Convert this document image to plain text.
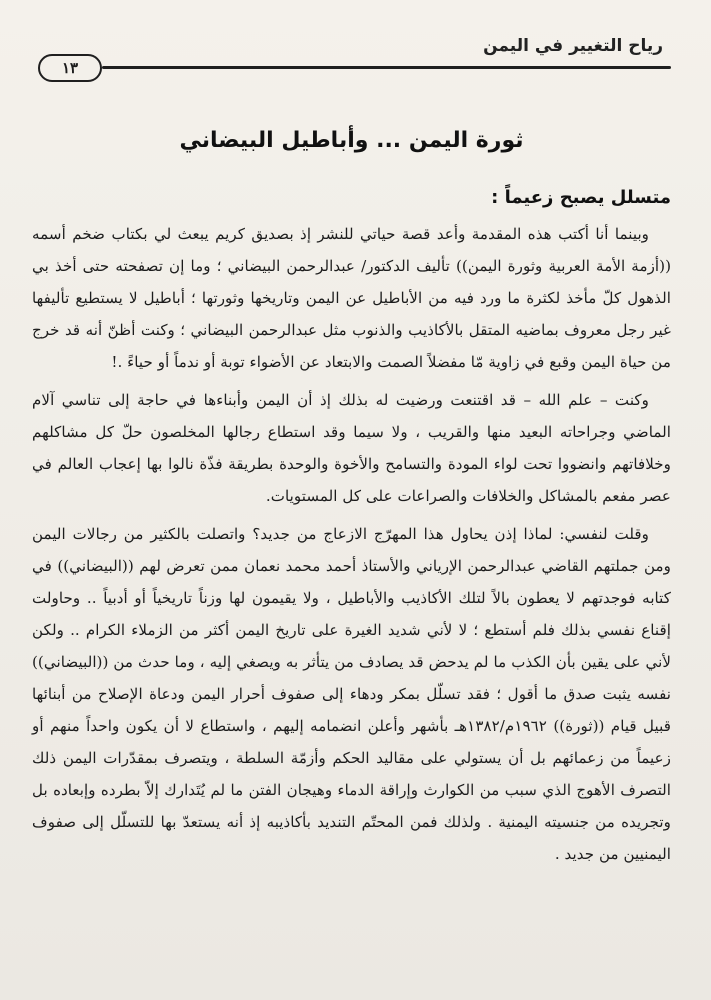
رياح التغيير في اليمن
١٣
ثورة اليمن ... وأباطيل البيضاني
متسلل يصبح زعيماً :

وبينما أنا أكتب هذه المقدمة وأعد قصة حياتي للنشر إذ بصديق كريم يبعث لي بكتاب ضخم أسمه ((أزمة الأمة العربية وثورة اليمن)) تأليف الدكتور/ عبدالرحمن البيضاني ؛ وما إن تصفحته حتى أخذ بي الذهول كلّ مأخذ لكثرة ما ورد فيه من الأباطيل عن اليمن وتاريخها وثورتها ؛ أباطيل لا يستطيع تأليفها غير رجل معروف بماضيه المتقل بالأكاذيب والذنوب مثل عبدالرحمن البيضاني ؛ وكنت أظنّ أنه قد خرج من حياة اليمن وقبع في زاوية مّا مفضلاً الصمت والابتعاد عن الأضواء توبة أو ندماً أو حياءً .!

وكنت – علم الله – قد اقتنعت ورضيت له بذلك إذ أن اليمن وأبناءها في حاجة إلى تناسي آلام الماضي وجراحاته البعيد منها والقريب ، ولا سيما وقد استطاع رجالها المخلصون حلّ كل مشاكلهم وخلافاتهم وانضووا تحت لواء المودة والتسامح والأخوة والوحدة بطريقة فذّة نالوا بها إعجاب العالم في عصر مفعم بالمشاكل والخلافات والصراعات على كل المستويات.

وقلت لنفسي: لماذا إذن يحاول هذا المهرّج الازعاج من جديد؟ واتصلت بالكثير من رجالات اليمن ومن جملتهم القاضي عبدالرحمن الإرياني والأستاذ أحمد محمد نعمان ممن تعرض لهم ((البيضاني)) في كتابه فوجدتهم لا يعطون بالاً لتلك الأكاذيب والأباطيل ، ولا يقيمون لها وزناً تاريخياً أو أدبياً .. وحاولت إقناع نفسي بذلك فلم أستطع ؛ لا لأني شديد الغيرة على تاريخ اليمن أكثر من الزملاء الكرام .. ولكن لأني على يقين بأن الكذب ما لم يدحض قد يصادف من يتأثر به ويصغي إليه ، وما حدث من ((البيضاني)) نفسه يثبت صدق ما أقول ؛ فقد تسلّل بمكر ودهاء إلى صفوف أحرار اليمن ودعاة الإصلاح من أبنائها قبيل قيام ((ثورة)) ١٩٦٢م/١٣٨٢هـ بأشهر وأعلن انضمامه إليهم ، واستطاع لا أن يكون واحداً منهم أو زعيماً من زعمائهم بل أن يستولي على مقاليد الحكم وأزمّة السلطة ، ويتصرف بمقدّرات اليمن ذلك التصرف الأهوج الذي سبب من الكوارث وإراقة الدماء وهيجان الفتن ما لم يُتَدارك إلاّ بطرده وإبعاده بل وتجريده من جنسيته اليمنية . ولذلك فمن المحتّم التنديد بأكاذيبه إذ أنه يستعدّ بها للتسلّل إلى صفوف اليمنيين من جديد .
